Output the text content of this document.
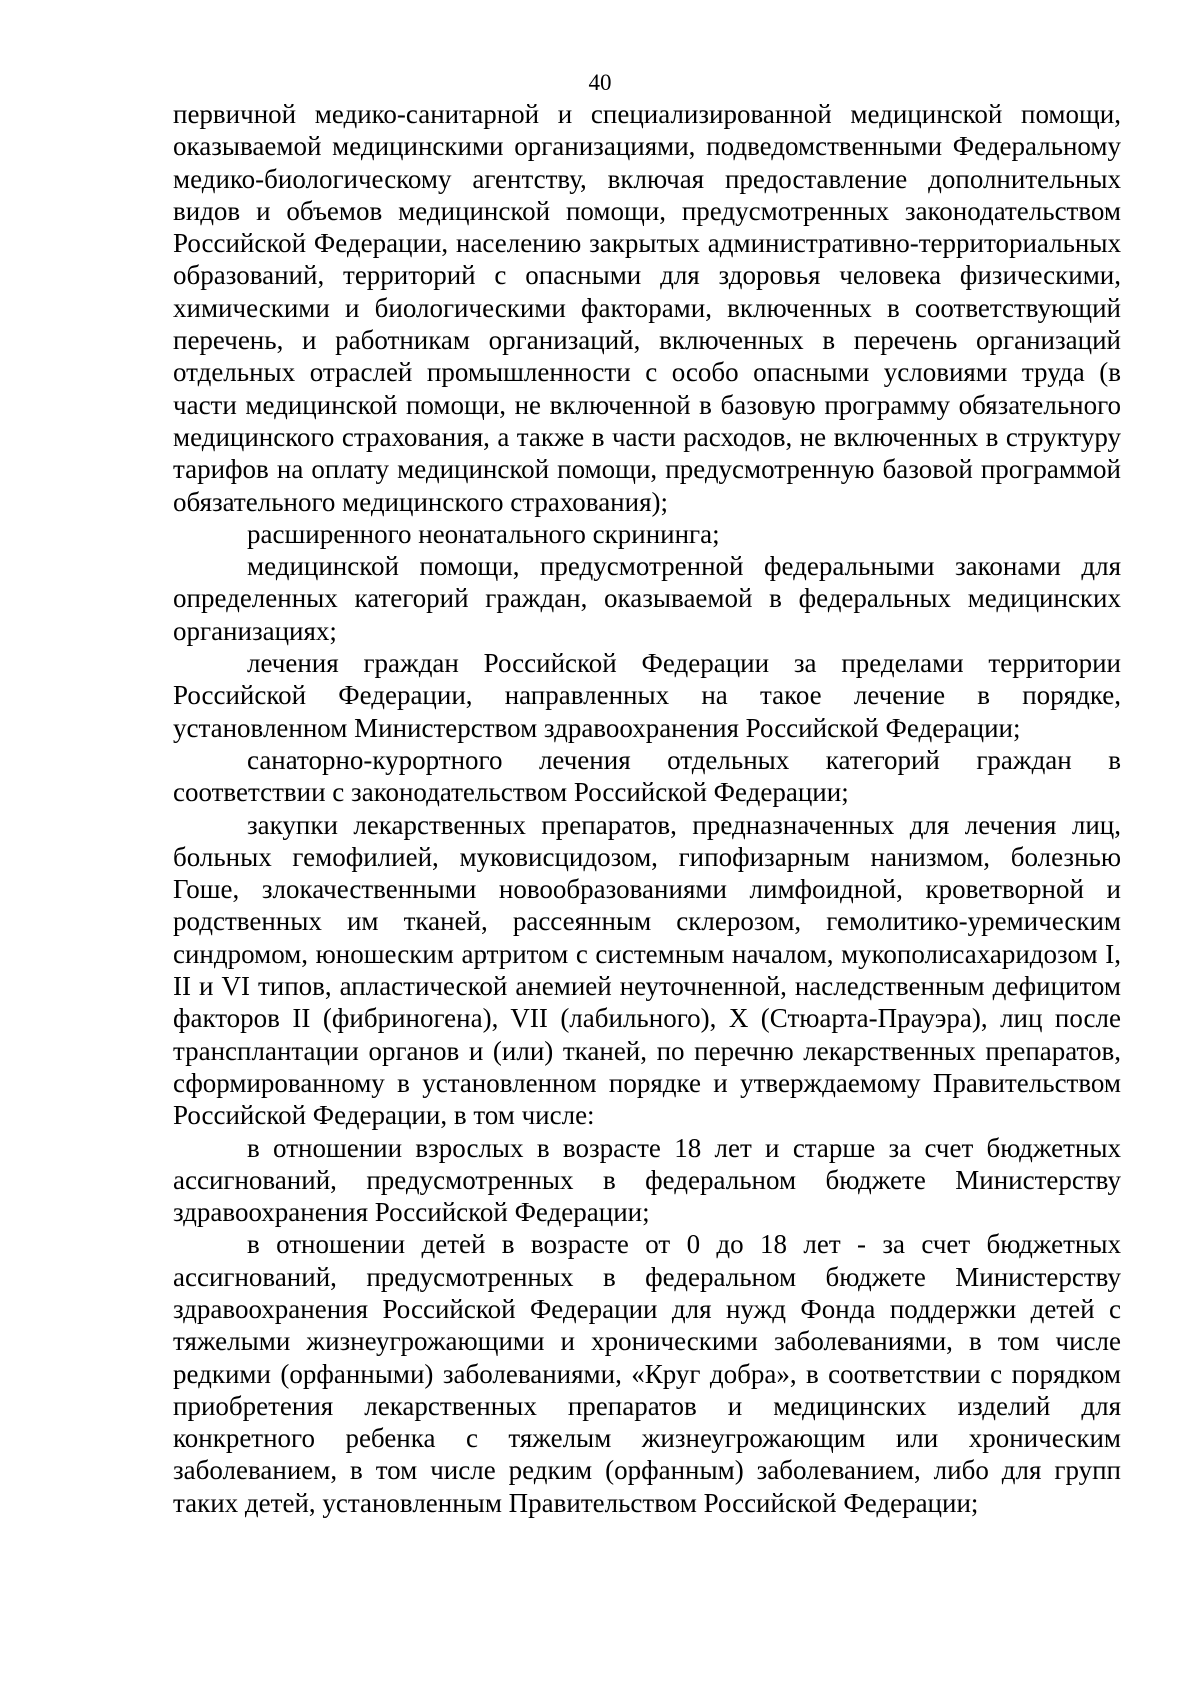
40

первичной медико-санитарной и специализированной медицинской помощи, оказываемой медицинскими организациями, подведомственными Федеральному медико-биологическому агентству, включая предоставление дополнительных видов и объемов медицинской помощи, предусмотренных законодательством Российской Федерации, населению закрытых административно-территориальных образований, территорий с опасными для здоровья человека физическими, химическими и биологическими факторами, включенных в соответствующий перечень, и работникам организаций, включенных в перечень организаций отдельных отраслей промышленности с особо опасными условиями труда (в части медицинской помощи, не включенной в базовую программу обязательного медицинского страхования, а также в части расходов, не включенных в структуру тарифов на оплату медицинской помощи, предусмотренную базовой программой обязательного медицинского страхования);

расширенного неонатального скрининга;

медицинской помощи, предусмотренной федеральными законами для определенных категорий граждан, оказываемой в федеральных медицинских организациях;

лечения граждан Российской Федерации за пределами территории Российской Федерации, направленных на такое лечение в порядке, установленном Министерством здравоохранения Российской Федерации;

санаторно-курортного лечения отдельных категорий граждан в соответствии с законодательством Российской Федерации;

закупки лекарственных препаратов, предназначенных для лечения лиц, больных гемофилией, муковисцидозом, гипофизарным нанизмом, болезнью Гоше, злокачественными новообразованиями лимфоидной, кроветворной и родственных им тканей, рассеянным склерозом, гемолитико-уремическим синдромом, юношеским артритом с системным началом, мукополисахаридозом I, II и VI типов, апластической анемией неуточненной, наследственным дефицитом факторов II (фибриногена), VII (лабильного), X (Стюарта-Прауэра), лиц после трансплантации органов и (или) тканей, по перечню лекарственных препаратов, сформированному в установленном порядке и утверждаемому Правительством Российской Федерации, в том числе:

в отношении взрослых в возрасте 18 лет и старше за счет бюджетных ассигнований, предусмотренных в федеральном бюджете Министерству здравоохранения Российской Федерации;

в отношении детей в возрасте от 0 до 18 лет - за счет бюджетных ассигнований, предусмотренных в федеральном бюджете Министерству здравоохранения Российской Федерации для нужд Фонда поддержки детей с тяжелыми жизнеугрожающими и хроническими заболеваниями, в том числе редкими (орфанными) заболеваниями, «Круг добра», в соответствии с порядком приобретения лекарственных препаратов и медицинских изделий для конкретного ребенка с тяжелым жизнеугрожающим или хроническим заболеванием, в том числе редким (орфанным) заболеванием, либо для групп таких детей, установленным Правительством Российской Федерации;
